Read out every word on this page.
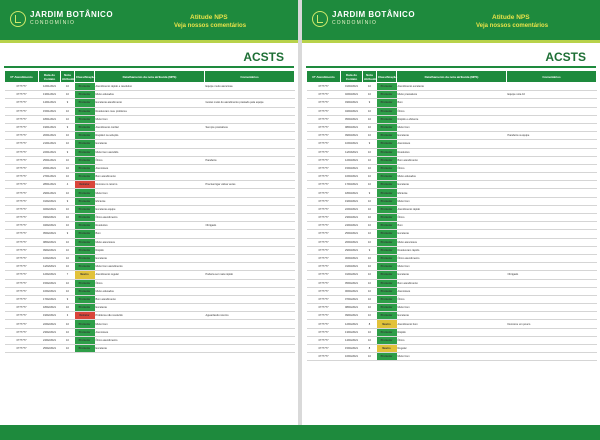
JARDIM BOTÂNICO
CONDOMÍNIO
Atitude NPS
Veja nossos comentários
ACSTS
Nº Atendimento	Data do Contato	Nota Atribuída	Classificação	Detalhamento da nota atribuída (NPS)	Comentários
0777777	12/01/2021	10	Promotor	Atendimento rápido e resolutivo	Equipe muito atenciosa
0777777	13/01/2021	10	Promotor	Muito educados	
0777777	14/01/2021	9	Promotor	Excelente atendimento	Gostei muito do atendimento prestado pela equipe
0777777	15/01/2021	10	Promotor	Resolveram meu problema	
0777777	18/01/2021	10	Promotor	Muito bom	
0777777	19/01/2021	9	Promotor	Atendimento cordial	Sempre prestativos
0777777	20/01/2021	10	Promotor	Rapidez na solução	
0777777	21/01/2021	10	Promotor	Excelente	
0777777	22/01/2021	9	Promotor	Muito bem atendido	
0777777	25/01/2021	10	Promotor	Ótimo	Parabéns
0777777	26/01/2021	10	Promotor	Atenciosos	
0777777	27/01/2021	10	Promotor	Bom atendimento	
0777777	28/01/2021	4	Detrator	Demora no retorno	Precisei ligar várias vezes
0777777	29/01/2021	10	Promotor	Muito bom	
0777777	01/02/2021	9	Promotor	Eficiente	
0777777	02/02/2021	10	Promotor	Excelente equipe	
0777777	03/02/2021	10	Promotor	Ótimo atendimento	
0777777	04/02/2021	10	Promotor	Resolutivo	Obrigado
0777777	05/02/2021	9	Promotor	Bom	
0777777	08/02/2021	10	Promotor	Muito atenciosos	
0777777	09/02/2021	10	Promotor	Rápido	
0777777	10/02/2021	10	Promotor	Excelente	
0777777	11/02/2021	10	Promotor	Muito bom atendimento	
0777777	12/02/2021	7	Neutro	Atendimento regular	Poderia ser mais rápido
0777777	15/02/2021	10	Promotor	Ótimo	
0777777	16/02/2021	10	Promotor	Muito educados	
0777777	17/02/2021	9	Promotor	Bom atendimento	
0777777	18/02/2021	10	Promotor	Excelente	
0777777	19/02/2021	3	Detrator	Problema não resolvido	Aguardando retorno
0777777	22/02/2021	10	Promotor	Muito bom	
0777777	23/02/2021	10	Promotor	Atenciosos	
0777777	24/02/2021	10	Promotor	Ótimo atendimento	
0777777	25/02/2021	10	Promotor	Excelente	
JARDIM BOTÂNICO
CONDOMÍNIO
Atitude NPS
Veja nossos comentários
ACSTS
Nº Atendimento	Data do Contato	Nota Atribuída	Classificação	Detalhamento da nota atribuída (NPS)	Comentários
0777777	01/03/2021	10	Promotor	Atendimento excelente	
0777777	02/03/2021	10	Promotor	Muito prestativos	Equipe nota 10
0777777	03/03/2021	9	Promotor	Bom	
0777777	04/03/2021	10	Promotor	Ótimo	
0777777	05/03/2021	10	Promotor	Rápido e eficiente	
0777777	08/03/2021	10	Promotor	Muito bom	
0777777	09/03/2021	10	Promotor	Excelente	Parabéns à equipe
0777777	10/03/2021	9	Promotor	Atenciosos	
0777777	11/03/2021	10	Promotor	Resolutivo	
0777777	12/03/2021	10	Promotor	Bom atendimento	
0777777	15/03/2021	10	Promotor	Ótimo	
0777777	16/03/2021	10	Promotor	Muito educados	
0777777	17/03/2021	10	Promotor	Excelente	
0777777	18/03/2021	9	Promotor	Eficiente	
0777777	19/03/2021	10	Promotor	Muito bom	
0777777	22/03/2021	10	Promotor	Atendimento rápido	
0777777	23/03/2021	10	Promotor	Ótimo	
0777777	24/03/2021	10	Promotor	Bom	
0777777	25/03/2021	10	Promotor	Excelente	
0777777	26/03/2021	10	Promotor	Muito atenciosos	
0777777	29/03/2021	9	Promotor	Resolveram rápido	
0777777	30/03/2021	10	Promotor	Ótimo atendimento	
0777777	31/03/2021	10	Promotor	Muito bom	
0777777	01/04/2021	10	Promotor	Excelente	Obrigado
0777777	05/04/2021	10	Promotor	Bom atendimento	
0777777	06/04/2021	10	Promotor	Atenciosos	
0777777	07/04/2021	10	Promotor	Ótimo	
0777777	08/04/2021	10	Promotor	Muito bom	
0777777	09/04/2021	10	Promotor	Excelente	
0777777	12/04/2021	8	Neutro	Atendimento bom	Demorou um pouco
0777777	13/04/2021	10	Promotor	Rápido	
0777777	14/04/2021	10	Promotor	Ótimo	
0777777	15/04/2021	8	Neutro	Regular	
0777777	16/04/2021	10	Promotor	Muito bom	
